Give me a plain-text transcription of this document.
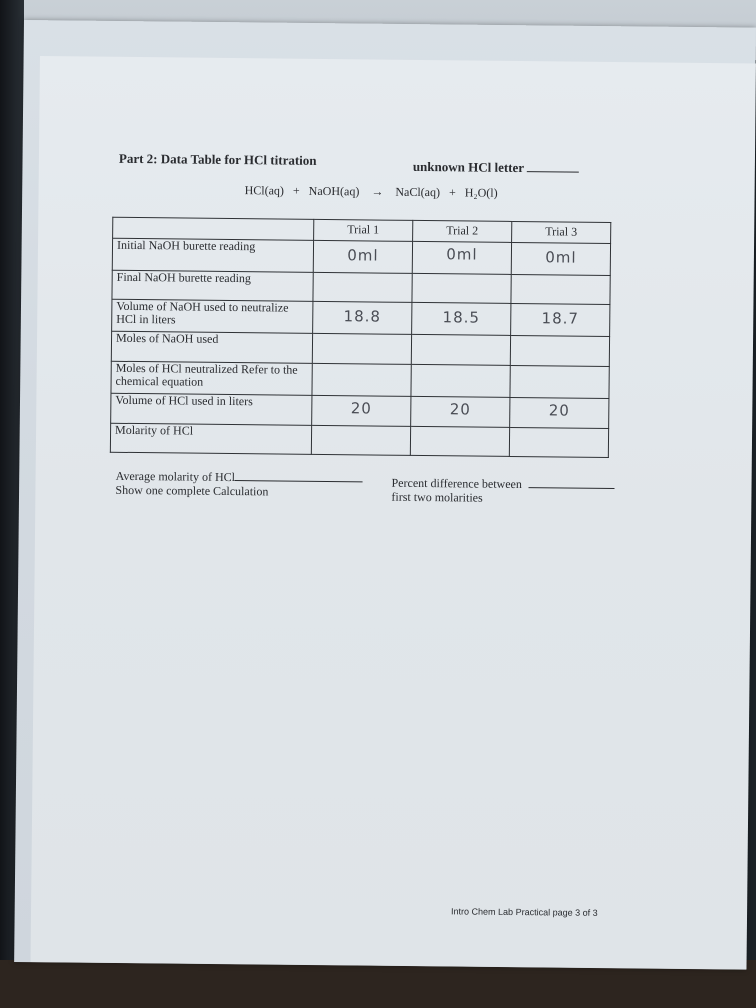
Part 2: Data Table for HCl titration	unknown HCl letter
HCl(aq) + NaOH(aq) → NaCl(aq) + H₂O(l)
	Trial 1	Trial 2	Trial 3
Initial NaOH burette reading	0ml	0ml	0ml

Final NaOH burette reading	

Volume of NaOH used to neutralize HCl in liters	18.8	18.5	18.7

Moles of NaOH used	

Moles of HCl neutralized Refer to the chemical equation	

Volume of HCl used in liters	20	20	20

Molarity of HCl	

Average molarity of HCl
Show one complete Calculation	Percent difference between
first two molarities
Intro Chem Lab Practical page 3 of 3
